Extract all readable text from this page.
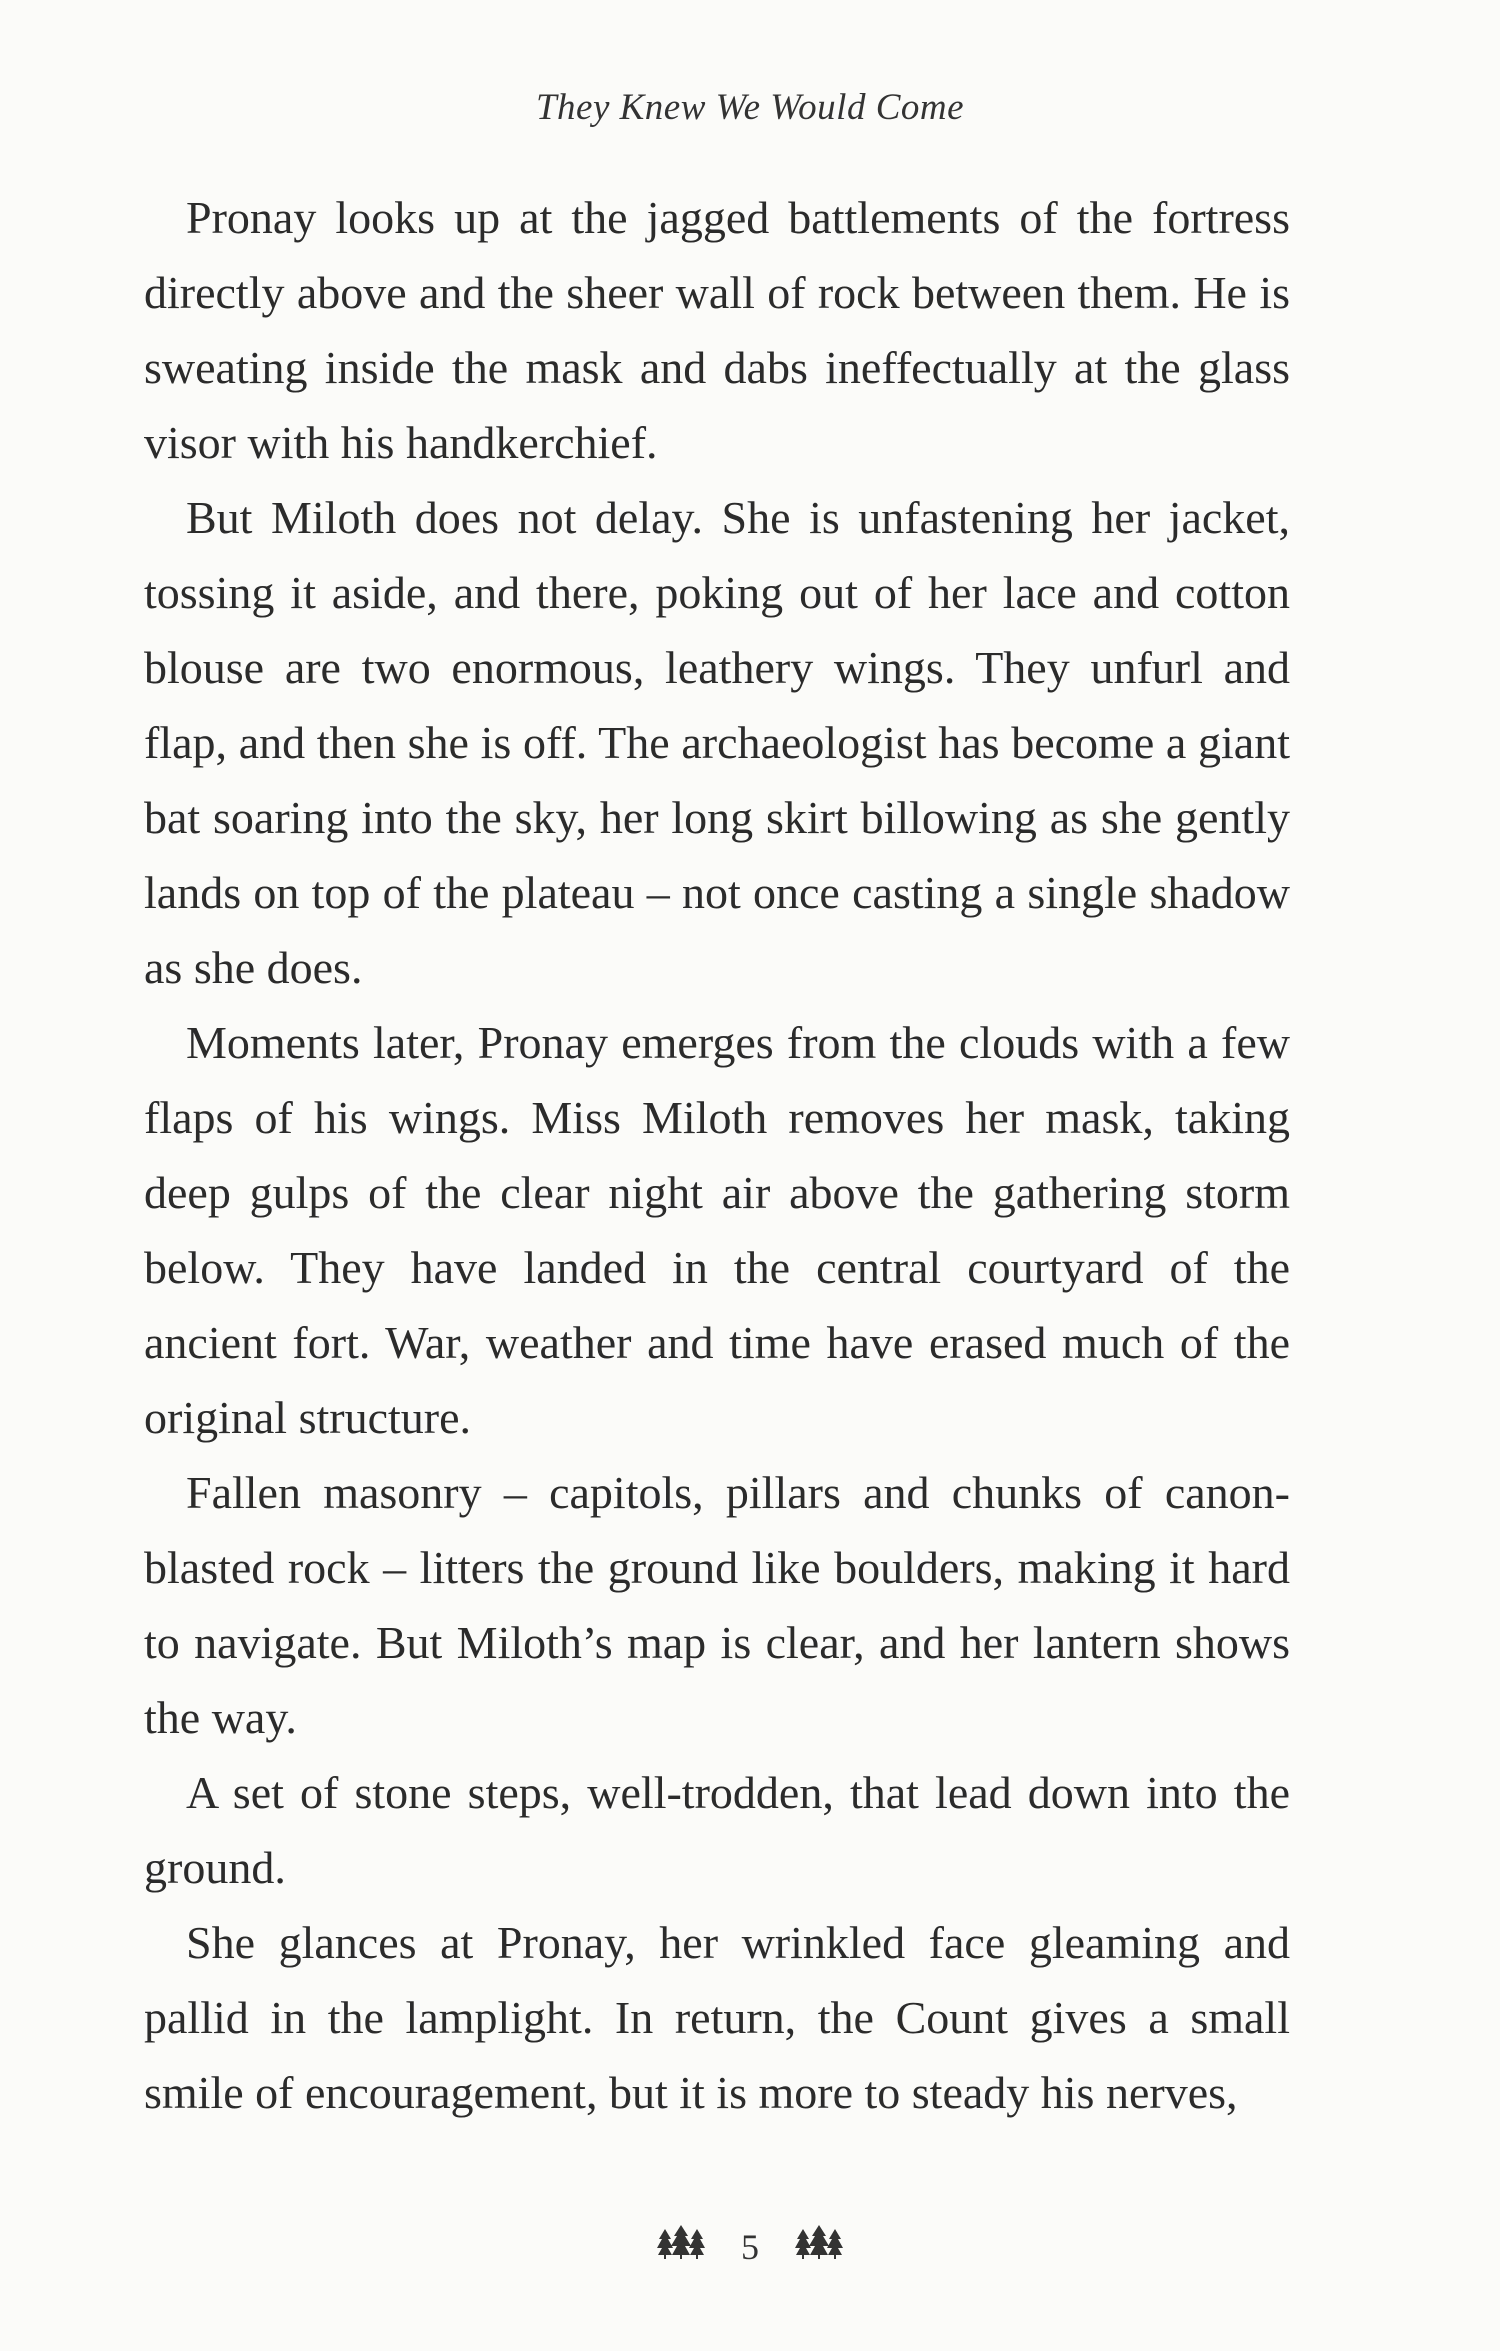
They Knew We Would Come

Pronay looks up at the jagged battlements of the fortress directly above and the sheer wall of rock between them. He is sweating inside the mask and dabs ineffectually at the glass visor with his handkerchief.

But Miloth does not delay. She is unfastening her jacket, tossing it aside, and there, poking out of her lace and cotton blouse are two enormous, leathery wings. They unfurl and flap, and then she is off. The archaeologist has become a giant bat soaring into the sky, her long skirt billowing as she gently lands on top of the plateau – not once casting a single shadow as she does.

Moments later, Pronay emerges from the clouds with a few flaps of his wings. Miss Miloth removes her mask, taking deep gulps of the clear night air above the gathering storm below. They have landed in the central courtyard of the ancient fort. War, weather and time have erased much of the original structure.

Fallen masonry – capitols, pillars and chunks of canon-blasted rock – litters the ground like boulders, making it hard to navigate. But Miloth’s map is clear, and her lantern shows the way.

A set of stone steps, well-trodden, that lead down into the ground.

She glances at Pronay, her wrinkled face gleaming and pallid in the lamplight. In return, the Count gives a small smile of encouragement, but it is more to steady his nerves,

5
